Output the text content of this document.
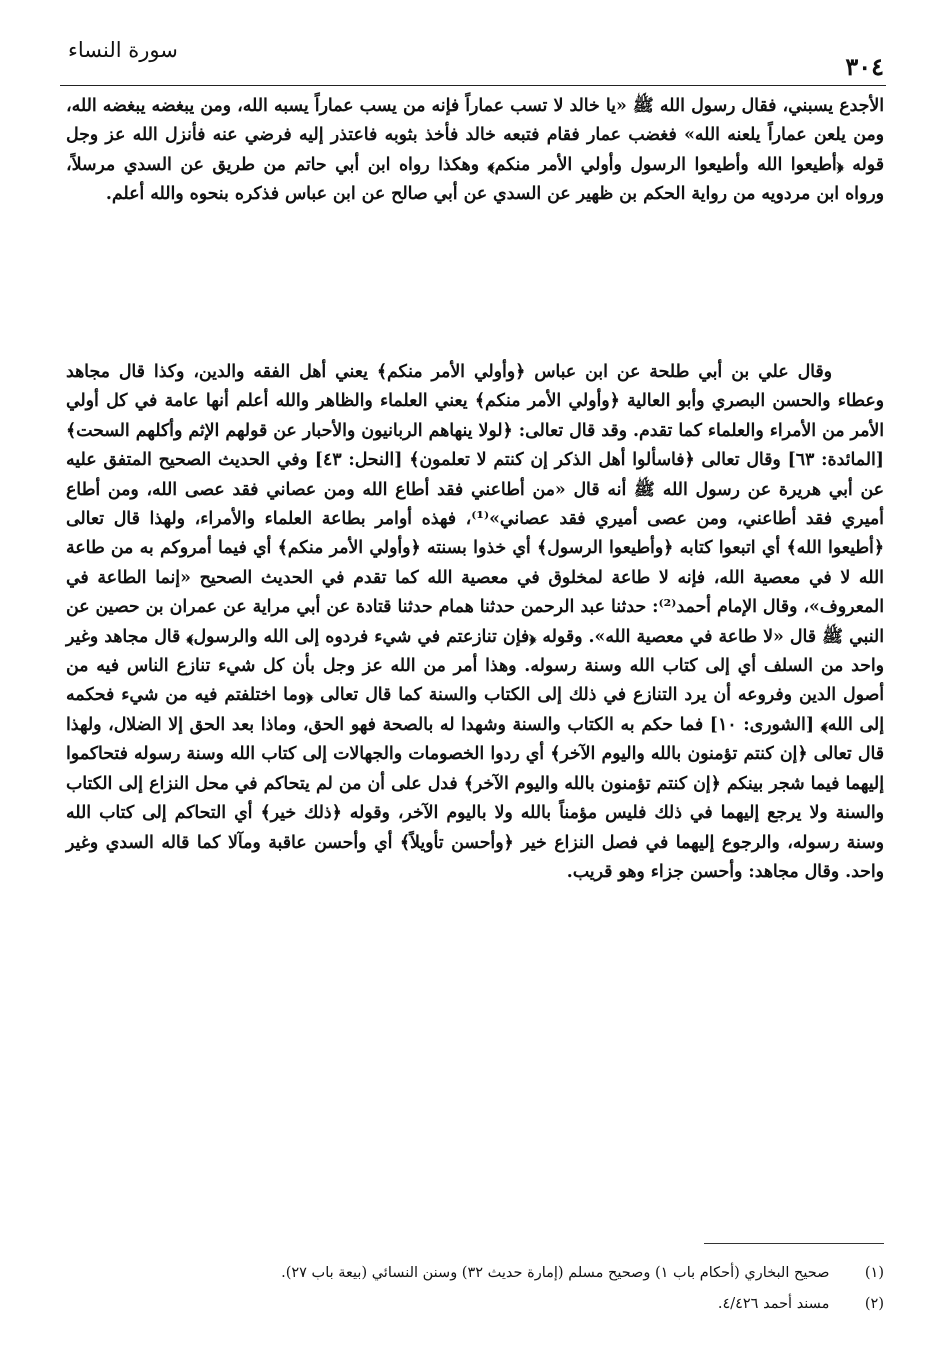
٣٠٤
سورة النساء

الأجدع يسبني، فقال رسول الله ﷺ «يا خالد لا تسب عماراً فإنه من يسب عماراً يسبه الله، ومن يبغضه يبغضه الله، ومن يلعن عماراً يلعنه الله» فغضب عمار فقام فتبعه خالد فأخذ بثوبه فاعتذر إليه فرضي عنه فأنزل الله عز وجل قوله ﴿أطيعوا الله وأطيعوا الرسول وأولي الأمر منكم﴾ وهكذا رواه ابن أبي حاتم من طريق عن السدي مرسلاً، ورواه ابن مردويه من رواية الحكم بن ظهير عن السدي عن أبي صالح عن ابن عباس فذكره بنحوه والله أعلم.

وقال علي بن أبي طلحة عن ابن عباس ﴿وأولي الأمر منكم﴾ يعني أهل الفقه والدين، وكذا قال مجاهد وعطاء والحسن البصري وأبو العالية ﴿وأولي الأمر منكم﴾ يعني العلماء والظاهر والله أعلم أنها عامة في كل أولي الأمر من الأمراء والعلماء كما تقدم. وقد قال تعالى: ﴿لولا ينهاهم الربانيون والأحبار عن قولهم الإثم وأكلهم السحت﴾ [المائدة: ٦٣] وقال تعالى ﴿فاسألوا أهل الذكر إن كنتم لا تعلمون﴾ [النحل: ٤٣] وفي الحديث الصحيح المتفق عليه عن أبي هريرة عن رسول الله ﷺ أنه قال «من أطاعني فقد أطاع الله ومن عصاني فقد عصى الله، ومن أطاع أميري فقد أطاعني، ومن عصى أميري فقد عصاني»⁽¹⁾، فهذه أوامر بطاعة العلماء والأمراء، ولهذا قال تعالى ﴿أطيعوا الله﴾ أي اتبعوا كتابه ﴿وأطيعوا الرسول﴾ أي خذوا بسنته ﴿وأولي الأمر منكم﴾ أي فيما أمروكم به من طاعة الله لا في معصية الله، فإنه لا طاعة لمخلوق في معصية الله كما تقدم في الحديث الصحيح «إنما الطاعة في المعروف»، وقال الإمام أحمد⁽²⁾: حدثنا عبد الرحمن حدثنا همام حدثنا قتادة عن أبي مراية عن عمران بن حصين عن النبي ﷺ قال «لا طاعة في معصية الله». وقوله ﴿فإن تنازعتم في شيء فردوه إلى الله والرسول﴾ قال مجاهد وغير واحد من السلف أي إلى كتاب الله وسنة رسوله. وهذا أمر من الله عز وجل بأن كل شيء تنازع الناس فيه من أصول الدين وفروعه أن يرد التنازع في ذلك إلى الكتاب والسنة كما قال تعالى ﴿وما اختلفتم فيه من شيء فحكمه إلى الله﴾ [الشورى: ١٠] فما حكم به الكتاب والسنة وشهدا له بالصحة فهو الحق، وماذا بعد الحق إلا الضلال، ولهذا قال تعالى ﴿إن كنتم تؤمنون بالله واليوم الآخر﴾ أي ردوا الخصومات والجهالات إلى كتاب الله وسنة رسوله فتحاكموا إليهما فيما شجر بينكم ﴿إن كنتم تؤمنون بالله واليوم الآخر﴾ فدل على أن من لم يتحاكم في محل النزاع إلى الكتاب والسنة ولا يرجع إليهما في ذلك فليس مؤمناً بالله ولا باليوم الآخر، وقوله ﴿ذلك خير﴾ أي التحاكم إلى كتاب الله وسنة رسوله، والرجوع إليهما في فصل النزاع خير ﴿وأحسن تأويلاً﴾ أي وأحسن عاقبة ومآلا كما قاله السدي وغير واحد. وقال مجاهد: وأحسن جزاء وهو قريب.

(١) صحيح البخاري (أحكام باب ١) وصحيح مسلم (إمارة حديث ٣٢) وسنن النسائي (بيعة باب ٢٧).
(٢) مسند أحمد ٤/٤٢٦.
